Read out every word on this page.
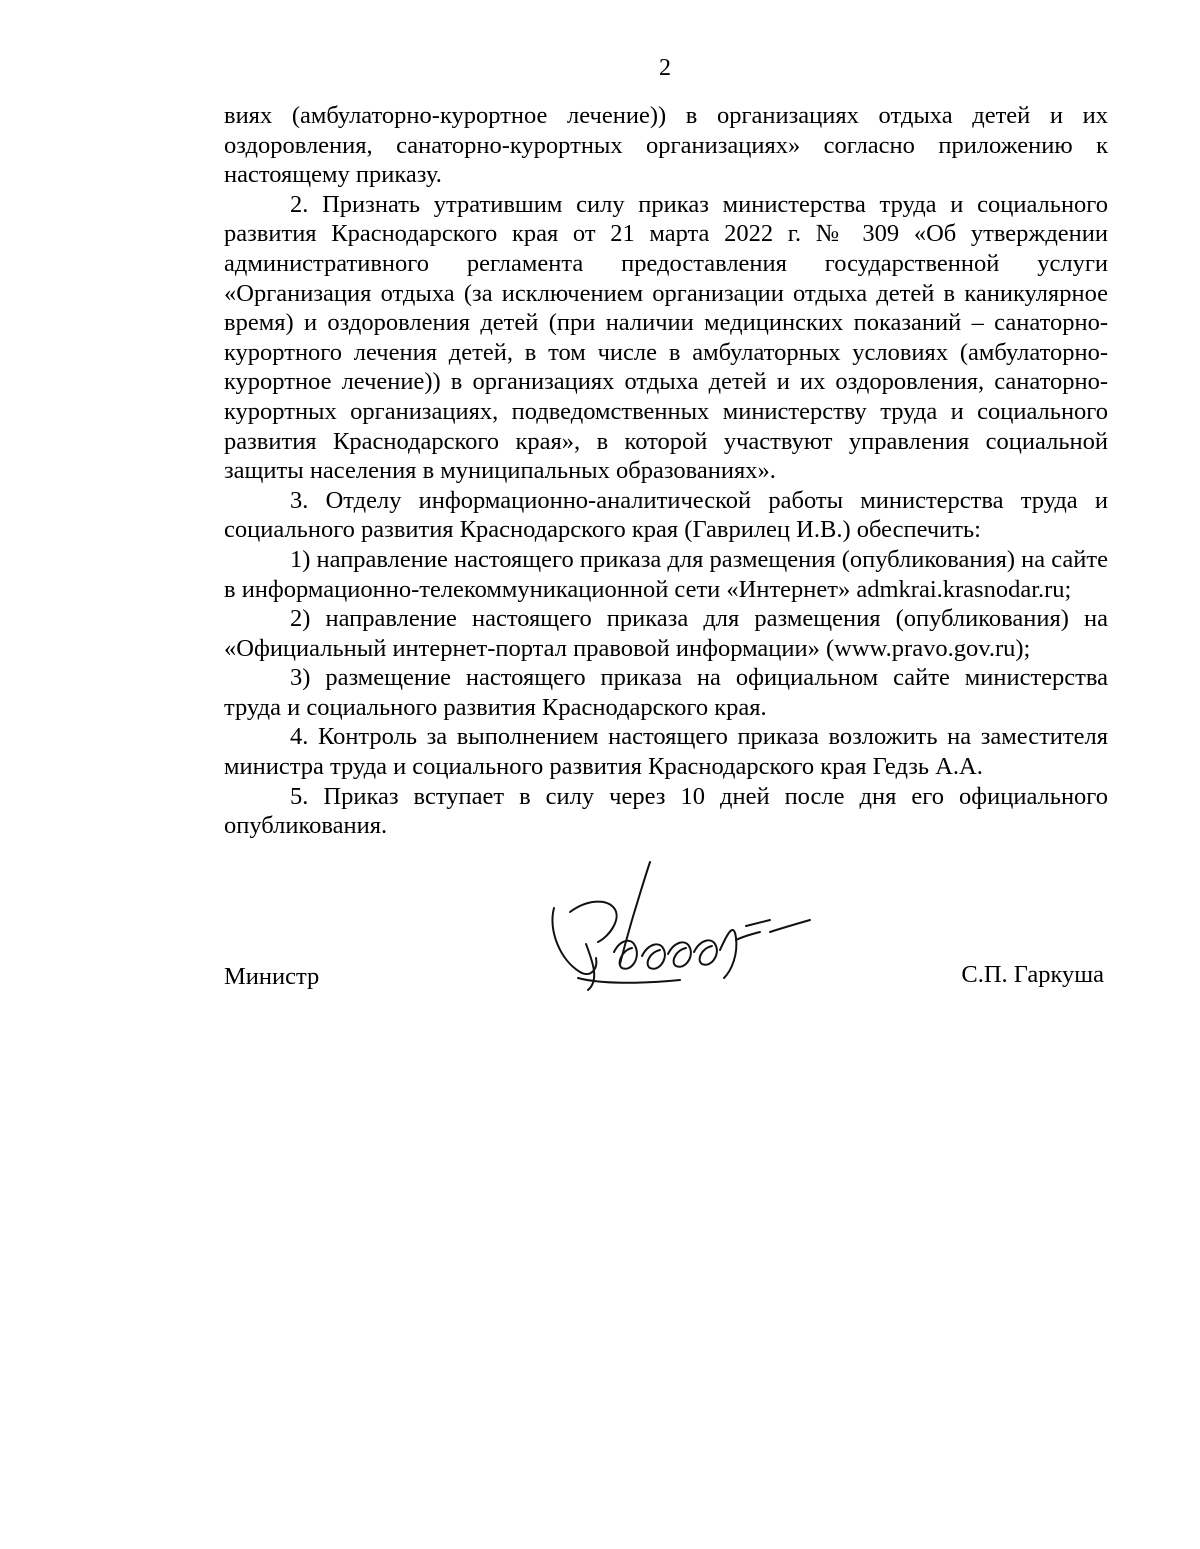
2

виях (амбулаторно-курортное лечение)) в организациях отдыха детей и их оздоровления, санаторно-курортных организациях» согласно приложению к настоящему приказу.

2. Признать утратившим силу приказ министерства труда и социального развития Краснодарского края от 21 марта 2022 г. № 309 «Об утверждении административного регламента предоставления государственной услуги «Организация отдыха (за исключением организации отдыха детей в каникулярное время) и оздоровления детей (при наличии медицинских показаний – санаторно-курортного лечения детей, в том числе в амбулаторных условиях (амбулаторно-курортное лечение)) в организациях отдыха детей и их оздоровления, санаторно-курортных организациях, подведомственных министерству труда и социального развития Краснодарского края», в которой участвуют управления социальной защиты населения в муниципальных образованиях».

3. Отделу информационно-аналитической работы министерства труда и социального развития Краснодарского края (Гаврилец И.В.) обеспечить:

1) направление настоящего приказа для размещения (опубликования) на сайте в информационно-телекоммуникационной сети «Интернет» admkrai.krasnodar.ru;

2) направление настоящего приказа для размещения (опубликования) на «Официальный интернет-портал правовой информации» (www.pravo.gov.ru);

3) размещение настоящего приказа на официальном сайте министерства труда и социального развития Краснодарского края.

4. Контроль за выполнением настоящего приказа возложить на заместителя министра труда и социального развития Краснодарского края Гедзь А.А.

5. Приказ вступает в силу через 10 дней после дня его официального опубликования.

Министр	С.П. Гаркуша
